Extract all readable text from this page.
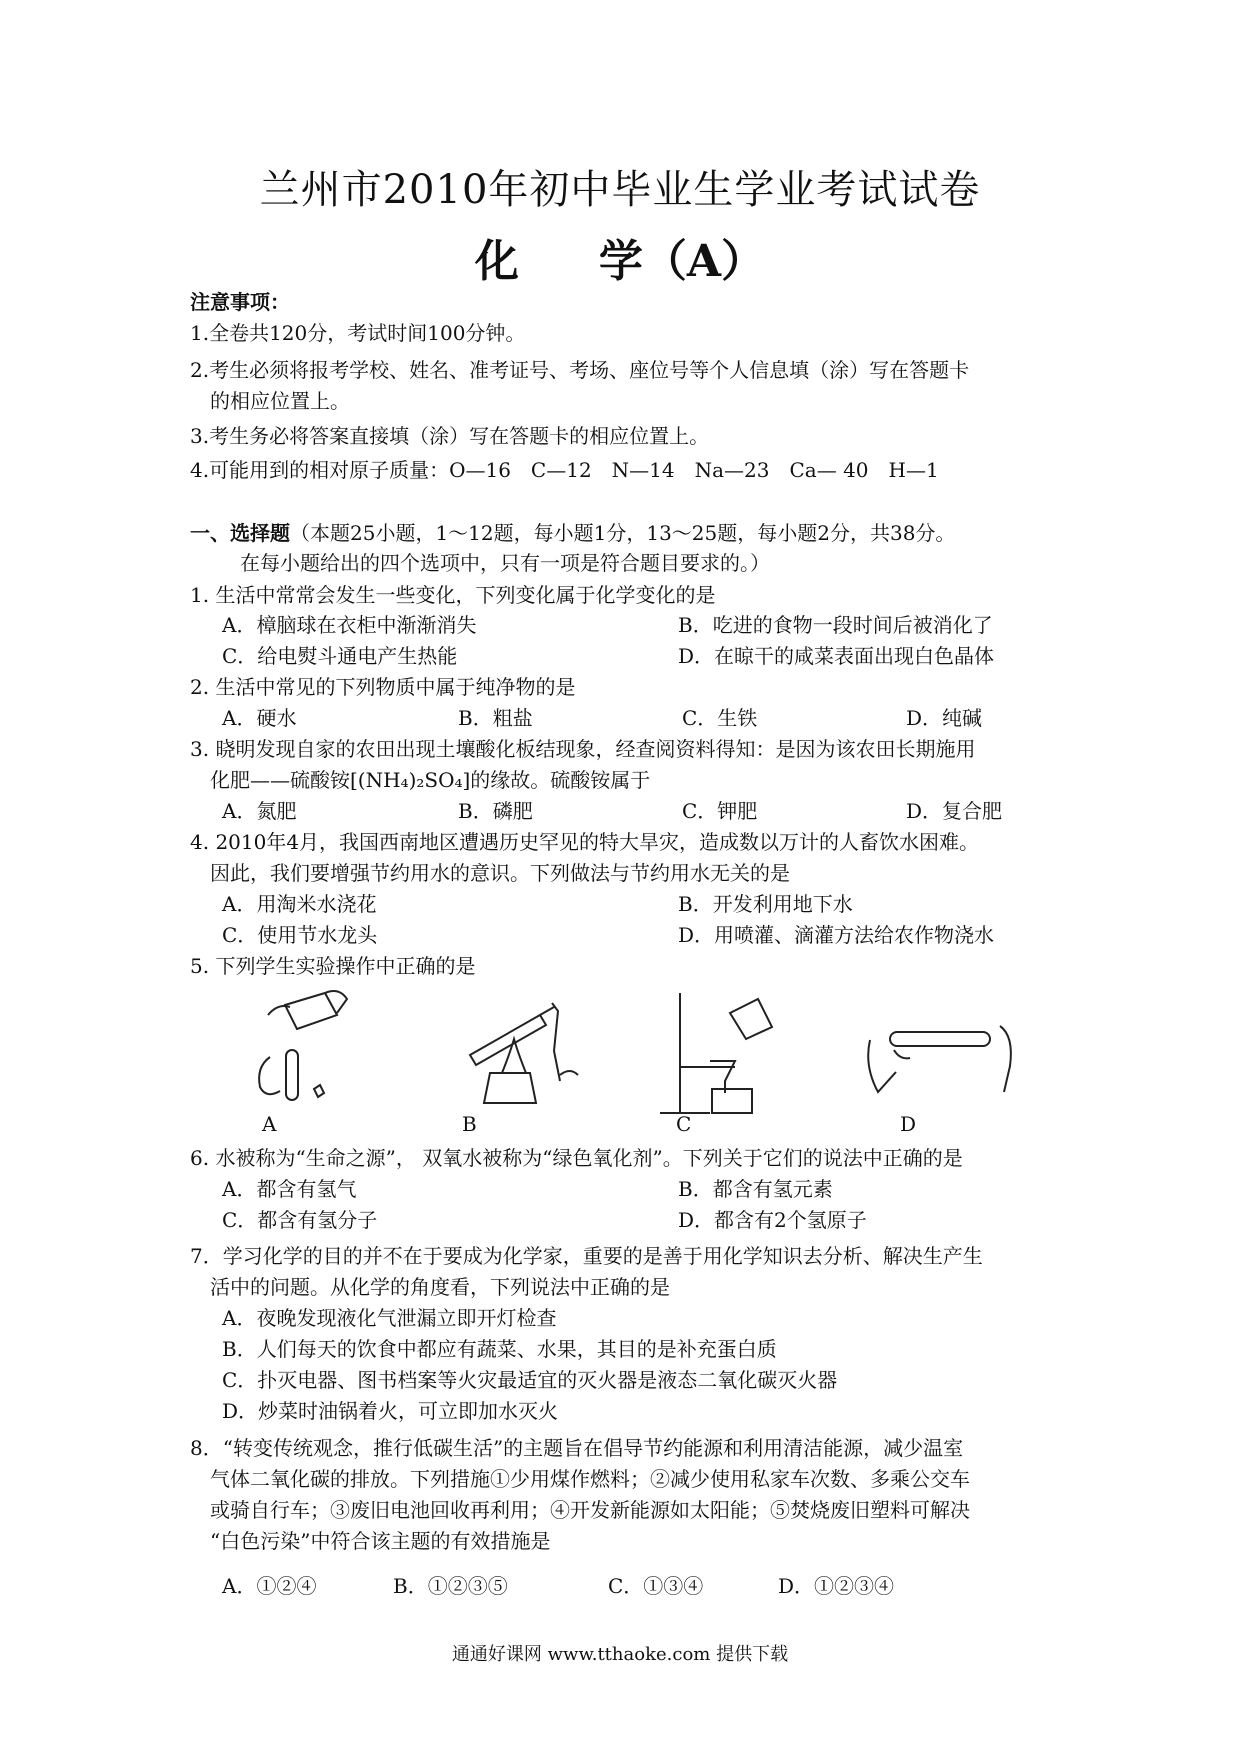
兰州市2010年初中毕业生学业考试试卷
化 学（A）
注意事项：
1.全卷共120分，考试时间100分钟。
2.考生必须将报考学校、姓名、准考证号、考场、座位号等个人信息填（涂）写在答题卡
的相应位置上。
3.考生务必将答案直接填（涂）写在答题卡的相应位置上。
4.可能用到的相对原子质量：O—16　C—12　N—14　Na—23　Ca— 40　H—1
一、选择题（本题25小题，1～12题，每小题1分，13～25题，每小题2分，共38分。
在每小题给出的四个选项中，只有一项是符合题目要求的。）
1. 生活中常常会发生一些变化，下列变化属于化学变化的是
A．樟脑球在衣柜中渐渐消失	B．吃进的食物一段时间后被消化了
C．给电熨斗通电产生热能	D．在晾干的咸菜表面出现白色晶体
2. 生活中常见的下列物质中属于纯净物的是
A．硬水	B．粗盐	C．生铁	D．纯碱
3. 晓明发现自家的农田出现土壤酸化板结现象，经查阅资料得知：是因为该农田长期施用
化肥——硫酸铵[(NH₄)₂SO₄]的缘故。硫酸铵属于
A．氮肥	B．磷肥	C．钾肥	D．复合肥
4. 2010年4月，我国西南地区遭遇历史罕见的特大旱灾，造成数以万计的人畜饮水困难。
因此，我们要增强节约用水的意识。下列做法与节约用水无关的是
A．用淘米水浇花	B．开发利用地下水
C．使用节水龙头	D．用喷灌、滴灌方法给农作物浇水
5. 下列学生实验操作中正确的是
A	B	C	D
6. 水被称为“生命之源”， 双氧水被称为“绿色氧化剂”。下列关于它们的说法中正确的是
A．都含有氢气	B．都含有氢元素
C．都含有氢分子	D．都含有2个氢原子
7．学习化学的目的并不在于要成为化学家，重要的是善于用化学知识去分析、解决生产生
活中的问题。从化学的角度看，下列说法中正确的是
A．夜晚发现液化气泄漏立即开灯检查
B．人们每天的饮食中都应有蔬菜、水果，其目的是补充蛋白质
C．扑灭电器、图书档案等火灾最适宜的灭火器是液态二氧化碳灭火器
D．炒菜时油锅着火，可立即加水灭火
8．“转变传统观念，推行低碳生活”的主题旨在倡导节约能源和利用清洁能源，减少温室
气体二氧化碳的排放。下列措施①少用煤作燃料；②减少使用私家车次数、多乘公交车
或骑自行车；③废旧电池回收再利用；④开发新能源如太阳能；⑤焚烧废旧塑料可解决
“白色污染”中符合该主题的有效措施是
A．①②④	B．①②③⑤	C．①③④	D．①②③④
通通好课网 www.tthaoke.com 提供下载
